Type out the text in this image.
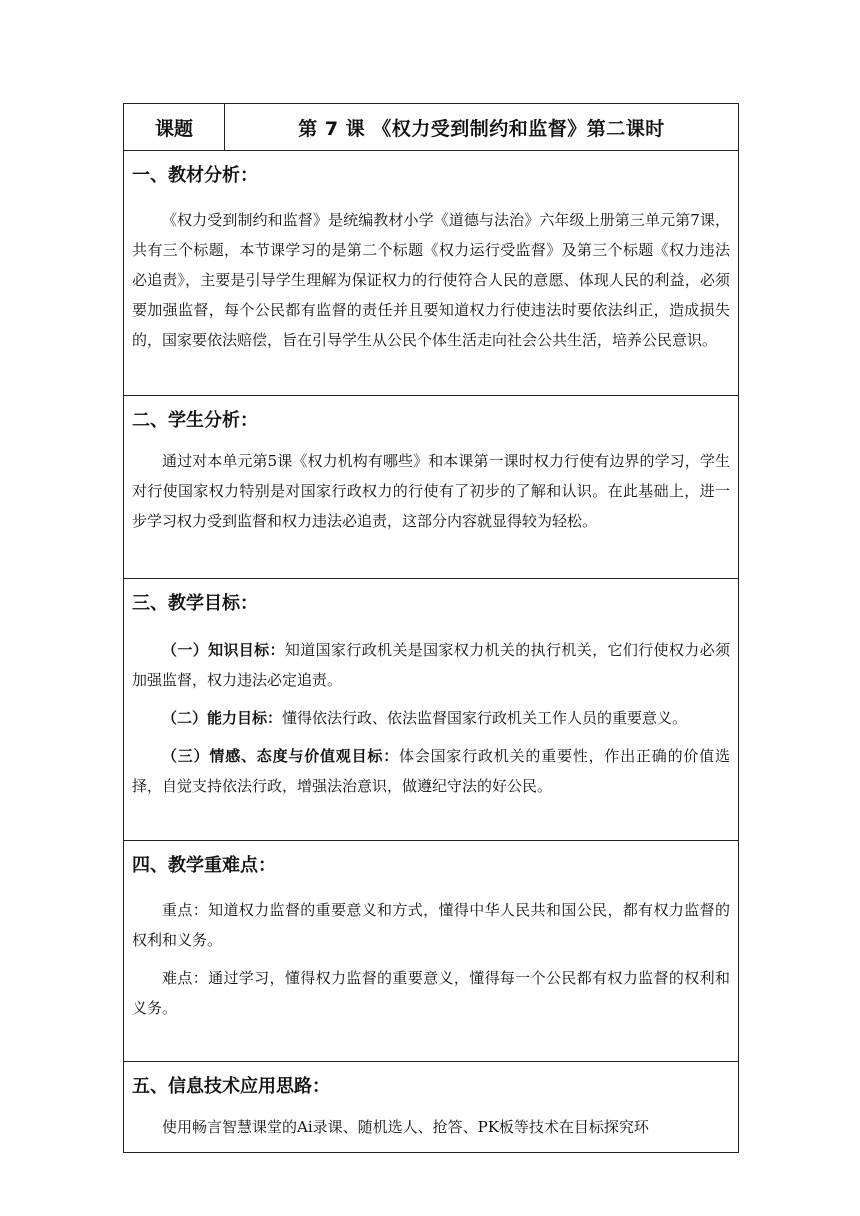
课题	第 7 课 《权力受到制约和监督》第二课时
一、教材分析：

《权力受到制约和监督》是统编教材小学《道德与法治》六年级上册第三单元第7课，共有三个标题，本节课学习的是第二个标题《权力运行受监督》及第三个标题《权力违法必追责》，主要是引导学生理解为保证权力的行使符合人民的意愿、体现人民的利益，必须要加强监督，每个公民都有监督的责任并且要知道权力行使违法时要依法纠正，造成损失的，国家要依法赔偿，旨在引导学生从公民个体生活走向社会公共生活，培养公民意识。

二、学生分析：

通过对本单元第5课《权力机构有哪些》和本课第一课时权力行使有边界的学习，学生对行使国家权力特别是对国家行政权力的行使有了初步的了解和认识。在此基础上，进一步学习权力受到监督和权力违法必追责，这部分内容就显得较为轻松。

三、教学目标：

（一）知识目标：知道国家行政机关是国家权力机关的执行机关，它们行使权力必须加强监督，权力违法必定追责。

（二）能力目标：懂得依法行政、依法监督国家行政机关工作人员的重要意义。

（三）情感、态度与价值观目标：体会国家行政机关的重要性，作出正确的价值选择，自觉支持依法行政，增强法治意识，做遵纪守法的好公民。

四、教学重难点：

重点：知道权力监督的重要意义和方式，懂得中华人民共和国公民，都有权力监督的权利和义务。

难点：通过学习，懂得权力监督的重要意义，懂得每一个公民都有权力监督的权利和义务。

五、信息技术应用思路：

使用畅言智慧课堂的Ai录课、随机选人、抢答、PK板等技术在目标探究环
